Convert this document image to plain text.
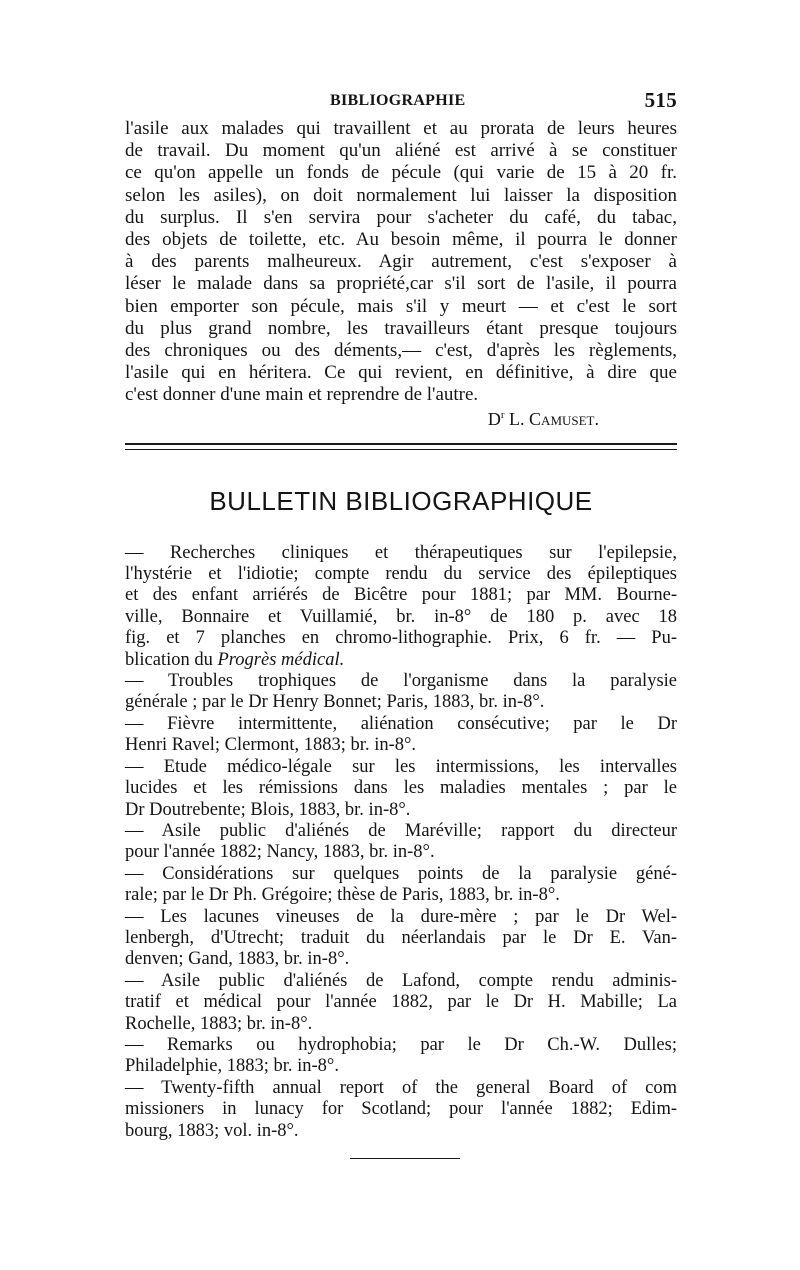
BIBLIOGRAPHIE	515
l'asile aux malades qui travaillent et au prorata de leurs heures
de travail. Du moment qu'un aliéné est arrivé à se constituer
ce qu'on appelle un fonds de pécule (qui varie de 15 à 20 fr.
selon les asiles), on doit normalement lui laisser la disposition
du surplus. Il s'en servira pour s'acheter du café, du tabac,
des objets de toilette, etc. Au besoin même, il pourra le donner
à des parents malheureux. Agir autrement, c'est s'exposer à
léser le malade dans sa propriété,car s'il sort de l'asile, il pourra
bien emporter son pécule, mais s'il y meurt — et c'est le sort
du plus grand nombre, les travailleurs étant presque toujours
des chroniques ou des déments,— c'est, d'après les règlements,
l'asile qui en héritera. Ce qui revient, en définitive, à dire que
c'est donner d'une main et reprendre de l'autre.
$D^r$ L. Camuset.
BULLETIN BIBLIOGRAPHIQUE
— Recherches cliniques et thérapeutiques sur l'epilepsie,
l'hystérie et l'idiotie; compte rendu du service des épileptiques
et des enfant arriérés de Bicêtre pour 1881; par MM. Bourne-
ville, Bonnaire et Vuillamié, br. in-8° de 180 p. avec 18
fig. et 7 planches en chromo-lithographie. Prix, 6 fr. — Pu-
blication du Progrès médical.
— Troubles trophiques de l'organisme dans la paralysie
générale ; par le Dr Henry Bonnet; Paris, 1883, br. in-8°.
— Fièvre intermittente, aliénation consécutive; par le Dr
Henri Ravel; Clermont, 1883; br. in-8°.
— Etude médico-légale sur les intermissions, les intervalles
lucides et les rémissions dans les maladies mentales ; par le
Dr Doutrebente; Blois, 1883, br. in-8°.
— Asile public d'aliénés de Maréville; rapport du directeur
pour l'année 1882; Nancy, 1883, br. in-8°.
— Considérations sur quelques points de la paralysie géné-
rale; par le Dr Ph. Grégoire; thèse de Paris, 1883, br. in-8°.
— Les lacunes vineuses de la dure-mère ; par le Dr Wel-
lenbergh, d'Utrecht; traduit du néerlandais par le Dr E. Van-
denven; Gand, 1883, br. in-8°.
— Asile public d'aliénés de Lafond, compte rendu adminis-
tratif et médical pour l'année 1882, par le Dr H. Mabille; La
Rochelle, 1883; br. in-8°.
— Remarks ou hydrophobia; par le Dr Ch.-W. Dulles;
Philadelphie, 1883; br. in-8°.
— Twenty-fifth annual report of the general Board of com
missioners in lunacy for Scotland; pour l'année 1882; Edim-
bourg, 1883; vol. in-8°.
